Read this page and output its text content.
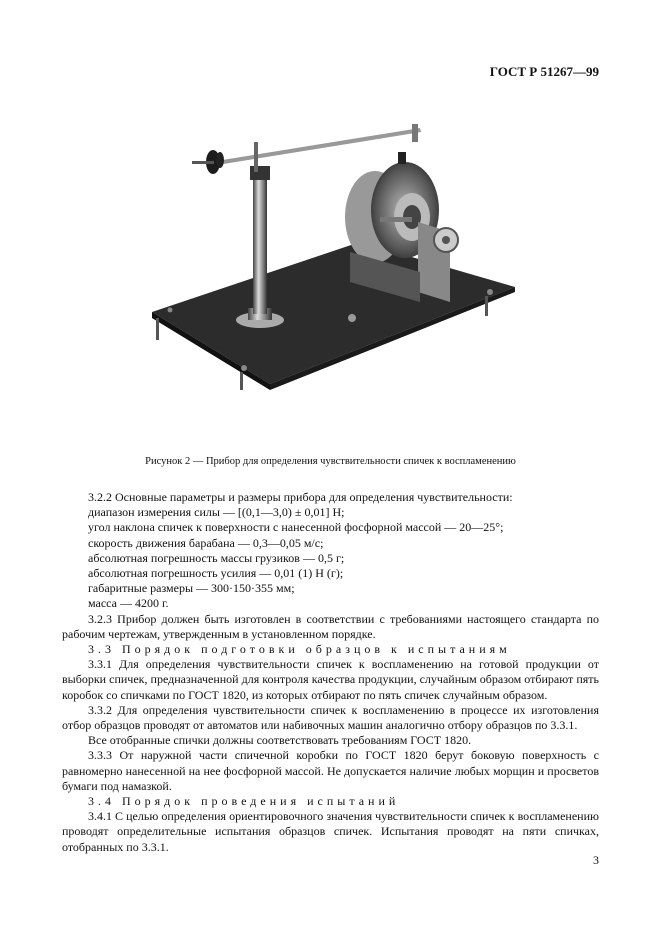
ГОСТ Р 51267—99
Рисунок 2 — Прибор для определения чувствительности спичек к воспламенению

3.2.2 Основные параметры и размеры прибора для определения чувствительности:

диапазон измерения силы — [(0,1—3,0) ± 0,01] Н;

угол наклона спичек к поверхности с нанесенной фосфорной массой — 20—25°;

скорость движения барабана — 0,3—0,05 м/с;

абсолютная погрешность массы грузиков — 0,5 г;

абсолютная погрешность усилия — 0,01 (1) Н (г);

габаритные размеры — 300·150·355 мм;

масса — 4200 г.

3.2.3 Прибор должен быть изготовлен в соответствии с требованиями настоящего стандарта по рабочим чертежам, утвержденным в установленном порядке.

3.3 Порядок подготовки образцов к испытаниям

3.3.1 Для определения чувствительности спичек к воспламенению на готовой продукции от выборки спичек, предназначенной для контроля качества продукции, случайным образом отбирают пять коробок со спичками по ГОСТ 1820, из которых отбирают по пять спичек случайным образом.

3.3.2 Для определения чувствительности спичек к воспламенению в процессе их изготовления отбор образцов проводят от автоматов или набивочных машин аналогично отбору образцов по 3.3.1.

Все отобранные спички должны соответствовать требованиям ГОСТ 1820.

3.3.3 От наружной части спичечной коробки по ГОСТ 1820 берут боковую поверхность с равномерно нанесенной на нее фосфорной массой. Не допускается наличие любых морщин и просветов бумаги под намазкой.

3.4 Порядок проведения испытаний

3.4.1 С целью определения ориентировочного значения чувствительности спичек к воспламенению проводят определительные испытания образцов спичек. Испытания проводят на пяти спичках, отобранных по 3.3.1.

3
